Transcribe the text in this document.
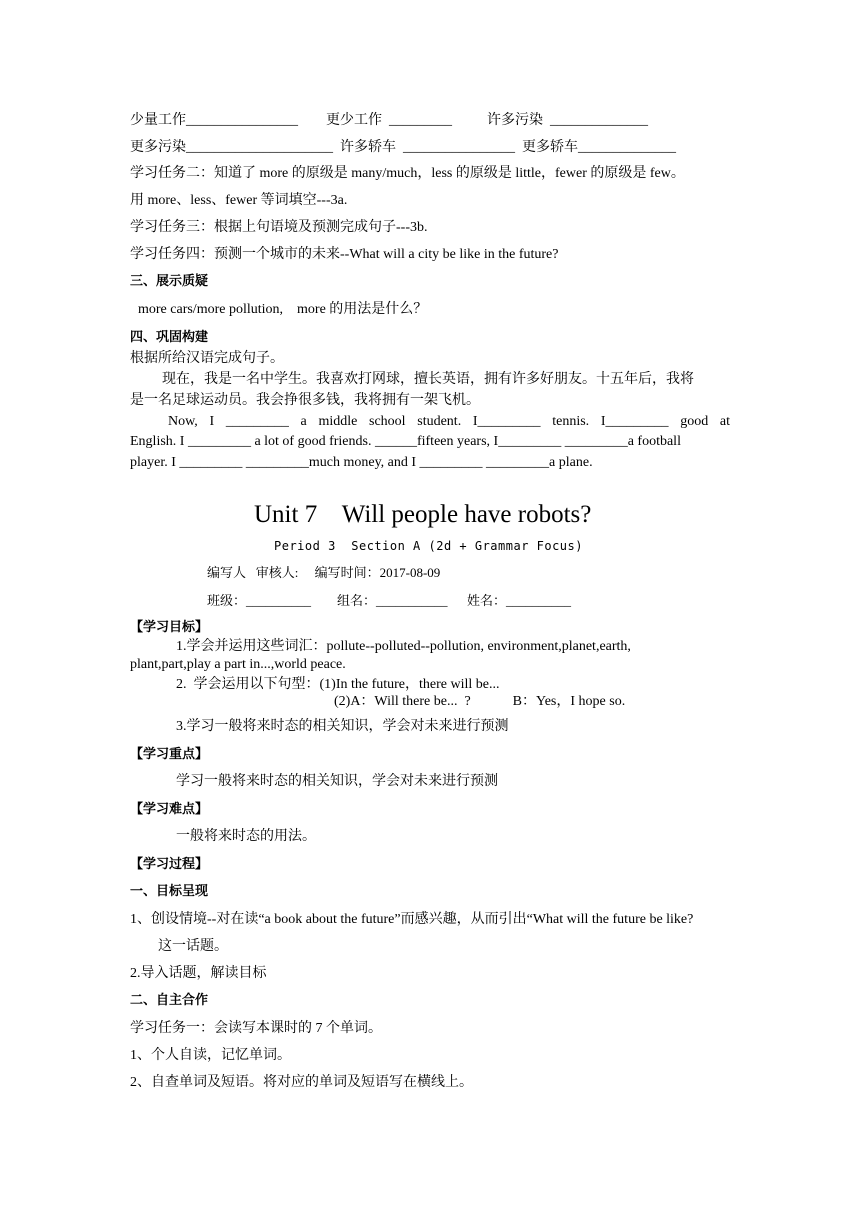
少量工作________________        更少工作  _________          许多污染  ______________
更多污染_____________________  许多轿车  ________________  更多轿车______________
学习任务二：知道了 more 的原级是 many/much，less 的原级是 little，fewer 的原级是 few。
用 more、less、fewer 等词填空---3a.
学习任务三：根据上句语境及预测完成句子---3b.
学习任务四：预测一个城市的未来--What will a city be like in the future?
三、展示质疑
more cars/more pollution,    more 的用法是什么？
四、巩固构建
根据所给汉语完成句子。
现在，我是一名中学生。我喜欢打网球，擅长英语，拥有许多好朋友。十五年后，我将
是一名足球运动员。我会挣很多钱，我将拥有一架飞机。
Now, I _________ a middle school student. I_________ tennis. I_________ good at
English. I _________ a lot of good friends. ______fifteen years, I_________ _________a football
player. I _________ _________much money, and I _________ _________a plane.
Unit 7    Will people have robots?
Period 3  Section A (2d + Grammar Focus)
编写人   审核人:     编写时间：2017-08-09
班级：__________        组名：___________      姓名：__________
【学习目标】
1.学会并运用这些词汇：pollute--polluted--pollution, environment,planet,earth,
plant,part,play a part in...,world peace.
2.  学会运用以下句型：(1)In the future，there will be...
(2)A：Will there be...  ?            B：Yes，I hope so.
3.学习一般将来时态的相关知识，学会对未来进行预测
【学习重点】
学习一般将来时态的相关知识，学会对未来进行预测
【学习难点】
一般将来时态的用法。
【学习过程】
一、目标呈现
1、创设情境--对在读“a book about the future”而感兴趣，从而引出“What will the future be like?
这一话题。
2.导入话题，解读目标
二、自主合作
学习任务一：会读写本课时的 7 个单词。
1、个人自读，记忆单词。
2、自查单词及短语。将对应的单词及短语写在横线上。
